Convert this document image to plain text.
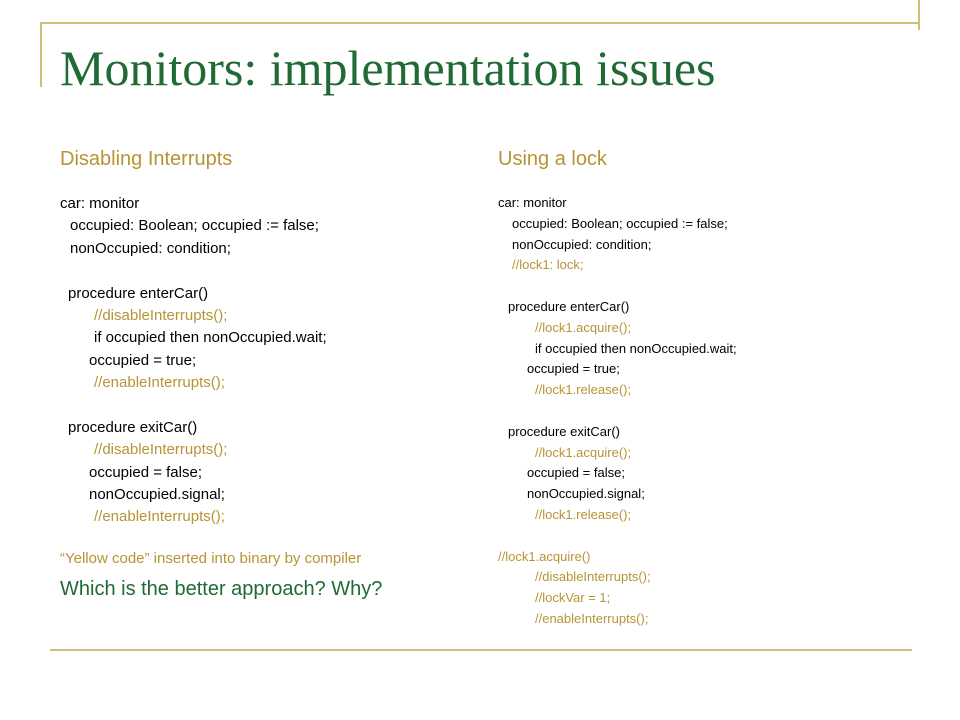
Monitors: implementation issues
Disabling Interrupts
car: monitor
occupied: Boolean; occupied := false;
nonOccupied: condition;
procedure enterCar()
//disableInterrupts();
if occupied then nonOccupied.wait;
occupied = true;
//enableInterrupts();
procedure exitCar()
//disableInterrupts();
occupied = false;
nonOccupied.signal;
//enableInterrupts();

“Yellow code” inserted into binary by compiler

Which is the better approach? Why?

Using a lock
car: monitor
occupied: Boolean; occupied := false;
nonOccupied: condition;
//lock1: lock;
procedure enterCar()
//lock1.acquire();
if occupied then nonOccupied.wait;
occupied = true;
//lock1.release();
procedure exitCar()
//lock1.acquire();
occupied = false;
nonOccupied.signal;
//lock1.release();
//lock1.acquire()
//disableInterrupts();
//lockVar = 1;
//enableInterrupts();
